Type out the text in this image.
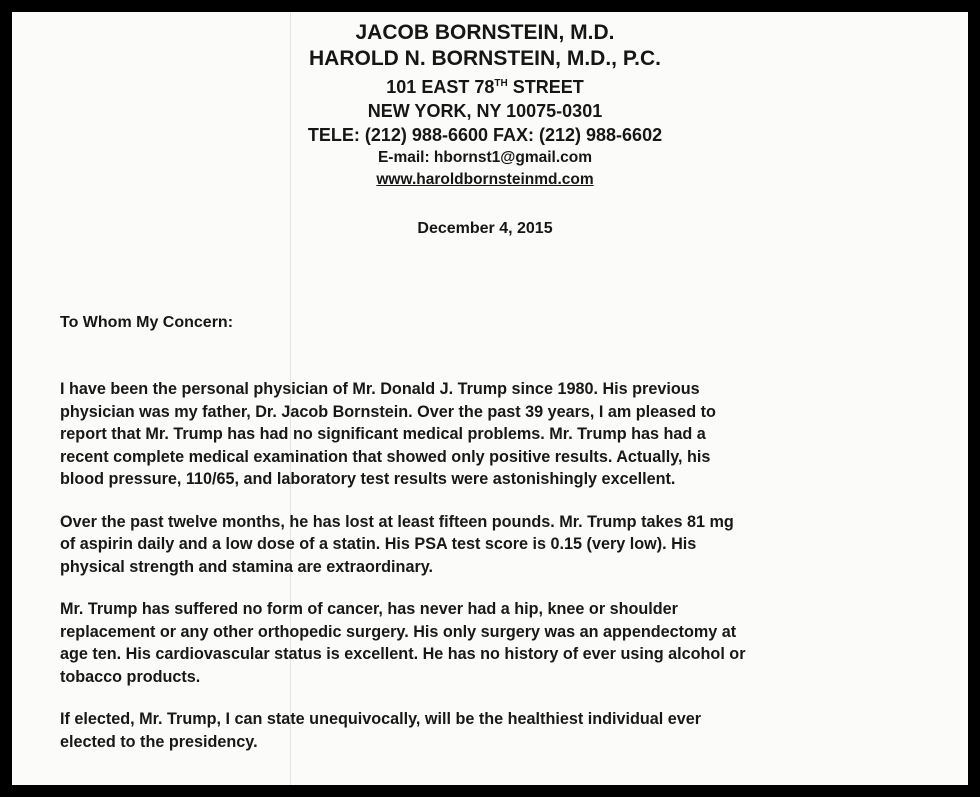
JACOB BORNSTEIN, M.D.
HAROLD N. BORNSTEIN, M.D., P.C.
101 EAST 78TH STREET
NEW YORK, NY 10075-0301
TELE: (212) 988-6600 FAX: (212) 988-6602
E-mail: hbornst1@gmail.com
www.haroldbornsteinmd.com
December 4, 2015
To Whom My Concern:

I have been the personal physician of Mr. Donald J. Trump since 1980. His previous
physician was my father, Dr. Jacob Bornstein. Over the past 39 years, I am pleased to
report that Mr. Trump has had no significant medical problems. Mr. Trump has had a
recent complete medical examination that showed only positive results. Actually, his
blood pressure, 110/65, and laboratory test results were astonishingly excellent.

Over the past twelve months, he has lost at least fifteen pounds. Mr. Trump takes 81 mg
of aspirin daily and a low dose of a statin. His PSA test score is 0.15 (very low). His
physical strength and stamina are extraordinary.

Mr. Trump has suffered no form of cancer, has never had a hip, knee or shoulder
replacement or any other orthopedic surgery. His only surgery was an appendectomy at
age ten. His cardiovascular status is excellent. He has no history of ever using alcohol or
tobacco products.

If elected, Mr. Trump, I can state unequivocally, will be the healthiest individual ever
elected to the presidency.
